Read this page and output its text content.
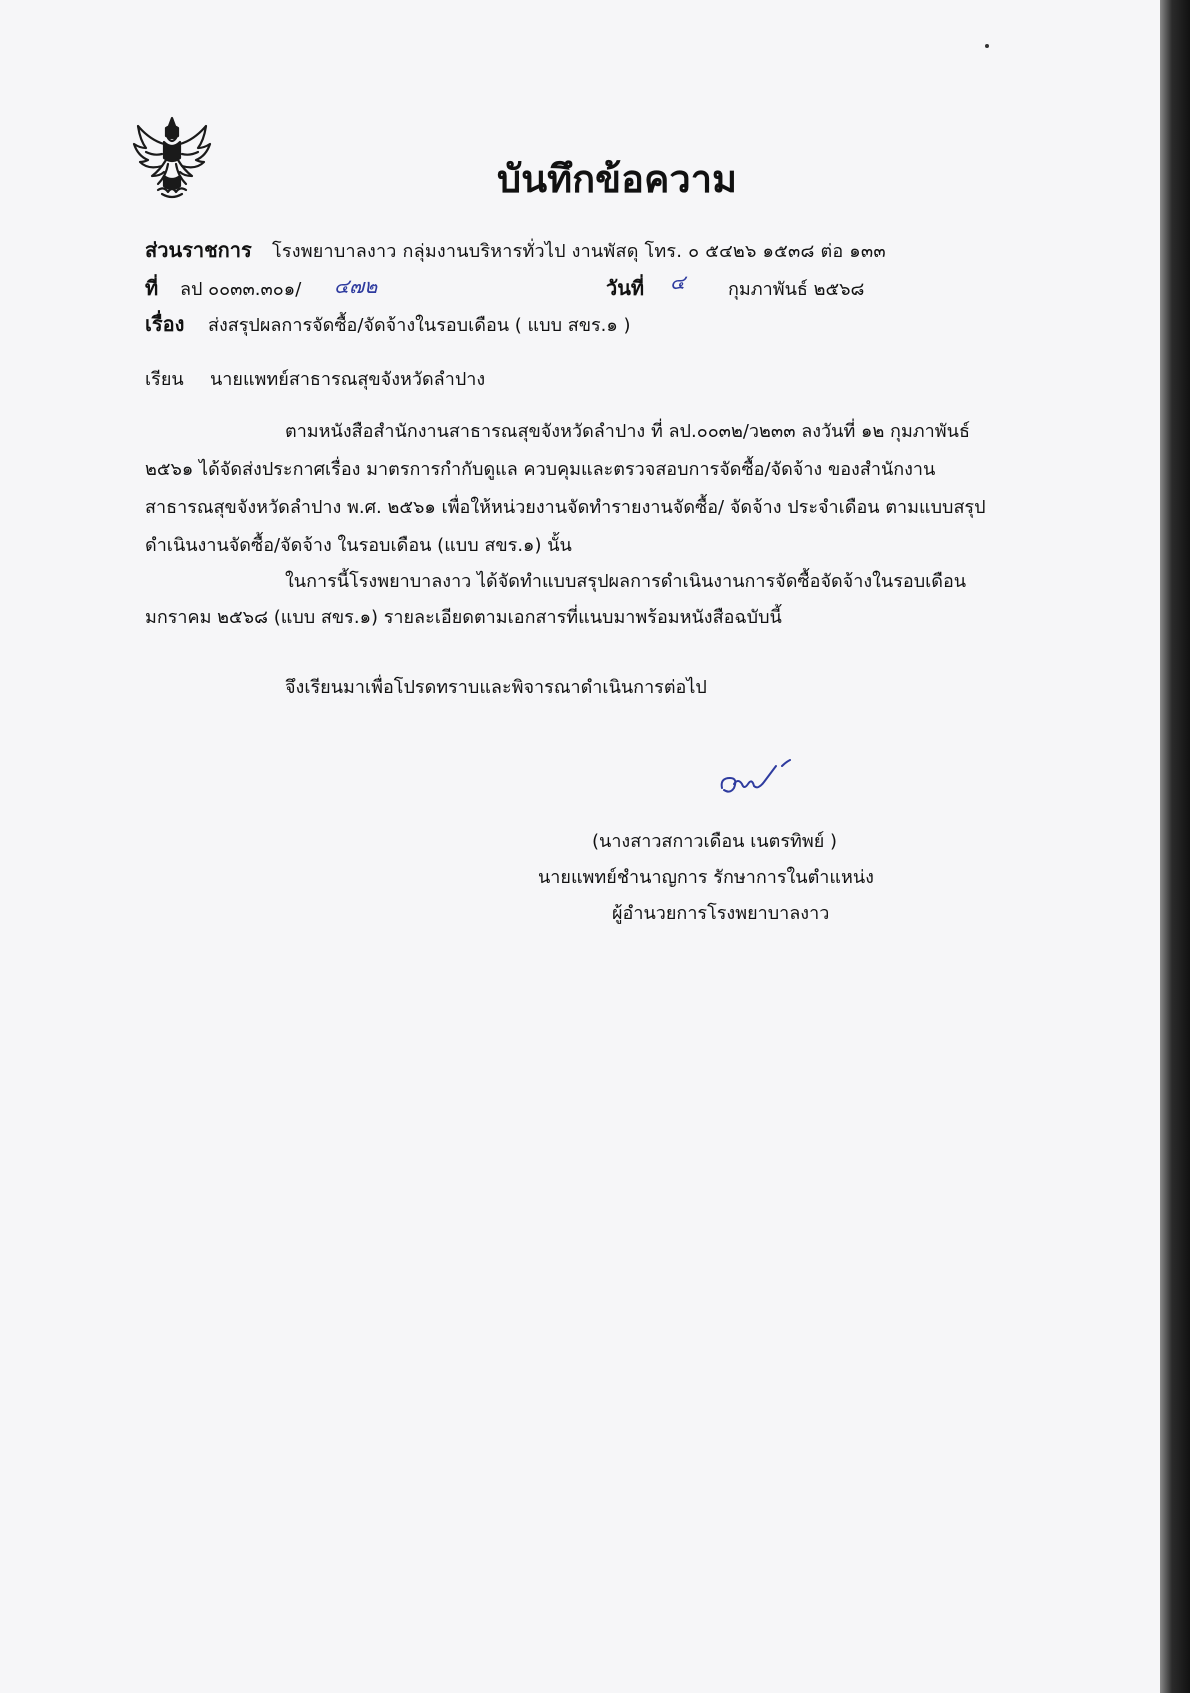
บันทึกข้อความ
ส่วนราชการ โรงพยาบาลงาว กลุ่มงานบริหารทั่วไป งานพัสดุ โทร. ๐ ๕๔๒๖ ๑๕๓๘ ต่อ ๑๓๓
ที่ ลป ๐๐๓๓.๓๐๑/ ๔๗๒	วันที่ ๔ กุมภาพันธ์ ๒๕๖๘
เรื่อง ส่งสรุปผลการจัดซื้อ/จัดจ้างในรอบเดือน ( แบบ สขร.๑ )
เรียน นายแพทย์สาธารณสุขจังหวัดลำปาง
ตามหนังสือสำนักงานสาธารณสุขจังหวัดลำปาง ที่ ลป.๐๐๓๒/ว๒๓๓ ลงวันที่ ๑๒ กุมภาพันธ์
๒๕๖๑ ได้จัดส่งประกาศเรื่อง มาตรการกำกับดูแล ควบคุมและตรวจสอบการจัดซื้อ/จัดจ้าง ของสำนักงาน
สาธารณสุขจังหวัดลำปาง พ.ศ. ๒๕๖๑ เพื่อให้หน่วยงานจัดทำรายงานจัดซื้อ/ จัดจ้าง ประจำเดือน ตามแบบสรุป
ดำเนินงานจัดซื้อ/จัดจ้าง ในรอบเดือน (แบบ สขร.๑) นั้น
ในการนี้โรงพยาบาลงาว ได้จัดทำแบบสรุปผลการดำเนินงานการจัดซื้อจัดจ้างในรอบเดือน
มกราคม ๒๕๖๘ (แบบ สขร.๑) รายละเอียดตามเอกสารที่แนบมาพร้อมหนังสือฉบับนี้
จึงเรียนมาเพื่อโปรดทราบและพิจารณาดำเนินการต่อไป
(นางสาวสกาวเดือน เนตรทิพย์ )
นายแพทย์ชำนาญการ รักษาการในตำแหน่ง
ผู้อำนวยการโรงพยาบาลงาว
